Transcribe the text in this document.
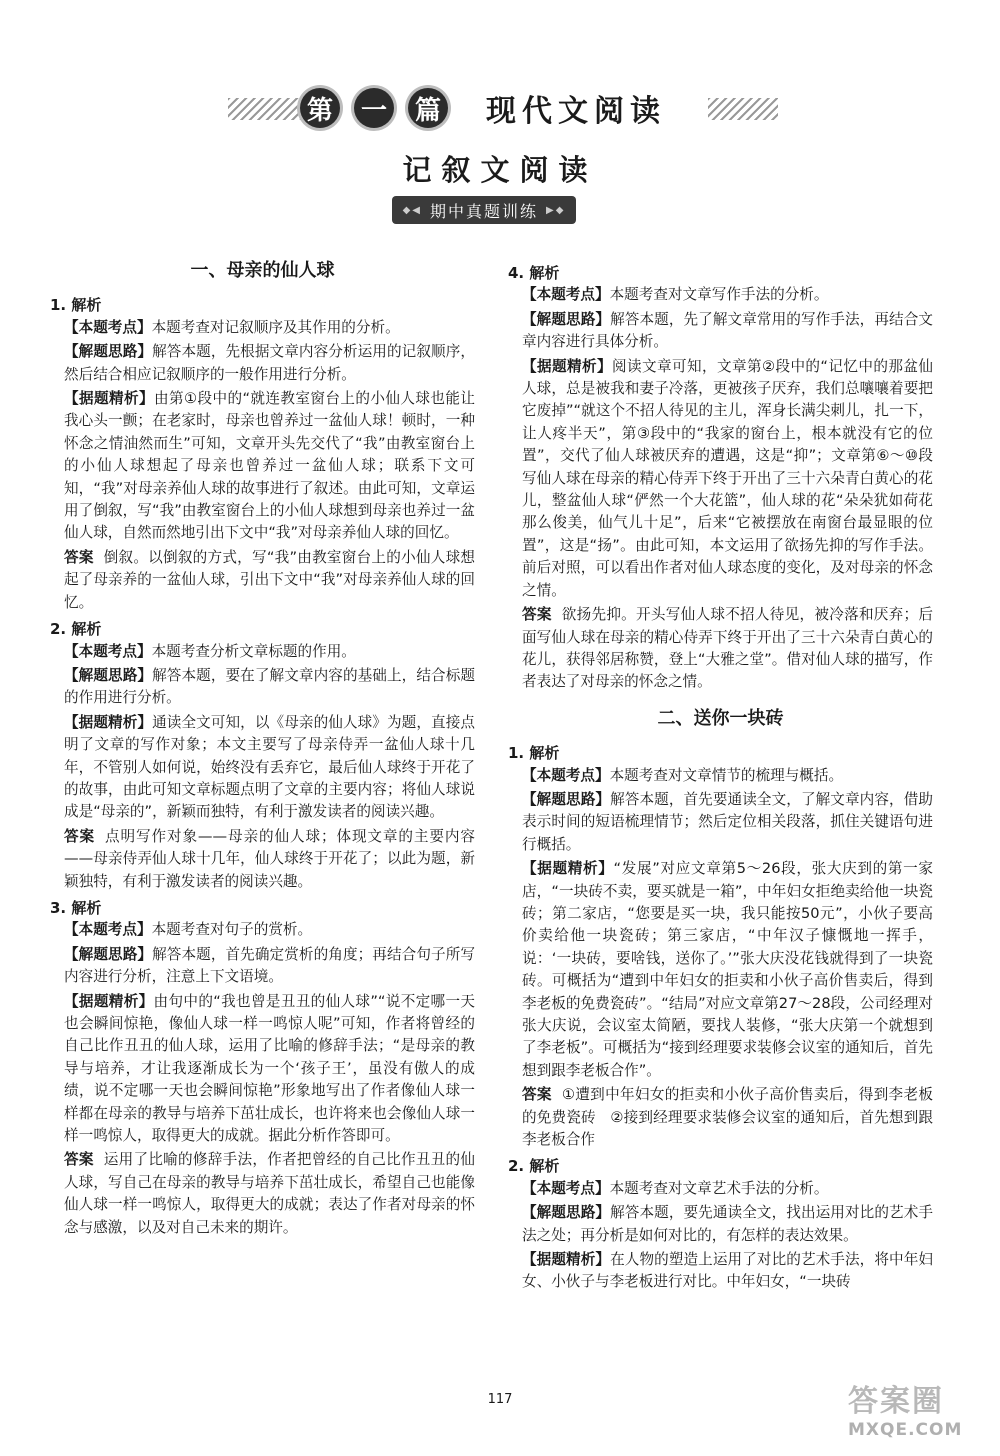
第 一 篇 现代文阅读
记叙文阅读
◆◀ 期中真题训练 ▶◆
一、母亲的仙人球
1. 解析
【本题考点】本题考查对记叙顺序及其作用的分析。
【解题思路】解答本题，先根据文章内容分析运用的记叙顺序，然后结合相应记叙顺序的一般作用进行分析。
【据题精析】由第①段中的“就连教室窗台上的小仙人球也能让我心头一颤；在老家时，母亲也曾养过一盆仙人球！顿时，一种怀念之情油然而生”可知，文章开头先交代了“我”由教室窗台上的小仙人球想起了母亲也曾养过一盆仙人球；联系下文可知，“我”对母亲养仙人球的故事进行了叙述。由此可知，文章运用了倒叙，写“我”由教室窗台上的小仙人球想到母亲也养过一盆仙人球，自然而然地引出下文中“我”对母亲养仙人球的回忆。
答案 倒叙。以倒叙的方式，写“我”由教室窗台上的小仙人球想起了母亲养的一盆仙人球，引出下文中“我”对母亲养仙人球的回忆。
2. 解析
【本题考点】本题考查分析文章标题的作用。
【解题思路】解答本题，要在了解文章内容的基础上，结合标题的作用进行分析。
【据题精析】通读全文可知，以《母亲的仙人球》为题，直接点明了文章的写作对象；本文主要写了母亲侍弄一盆仙人球十几年，不管别人如何说，始终没有丢弃它，最后仙人球终于开花了的故事，由此可知文章标题点明了文章的主要内容；将仙人球说成是“母亲的”，新颖而独特，有利于激发读者的阅读兴趣。
答案 点明写作对象——母亲的仙人球；体现文章的主要内容——母亲侍弄仙人球十几年，仙人球终于开花了；以此为题，新颖独特，有利于激发读者的阅读兴趣。
3. 解析
【本题考点】本题考查对句子的赏析。
【解题思路】解答本题，首先确定赏析的角度；再结合句子所写内容进行分析，注意上下文语境。
【据题精析】由句中的“我也曾是丑丑的仙人球”“说不定哪一天也会瞬间惊艳，像仙人球一样一鸣惊人呢”可知，作者将曾经的自己比作丑丑的仙人球，运用了比喻的修辞手法；“是母亲的教导与培养，才让我逐渐成长为一个‘孩子王’，虽没有傲人的成绩，说不定哪一天也会瞬间惊艳”形象地写出了作者像仙人球一样都在母亲的教导与培养下茁壮成长，也许将来也会像仙人球一样一鸣惊人，取得更大的成就。据此分析作答即可。
答案 运用了比喻的修辞手法，作者把曾经的自己比作丑丑的仙人球，写自己在母亲的教导与培养下茁壮成长，希望自己也能像仙人球一样一鸣惊人，取得更大的成就；表达了作者对母亲的怀念与感激，以及对自己未来的期许。
4. 解析
【本题考点】本题考查对文章写作手法的分析。
【解题思路】解答本题，先了解文章常用的写作手法，再结合文章内容进行具体分析。
【据题精析】阅读文章可知，文章第②段中的“记忆中的那盆仙人球，总是被我和妻子冷落，更被孩子厌弃，我们总嚷嚷着要把它废掉”“就这个不招人待见的主儿，浑身长满尖刺儿，扎一下，让人疼半天”，第③段中的“我家的窗台上，根本就没有它的位置”，交代了仙人球被厌弃的遭遇，这是“抑”；文章第⑥～⑩段写仙人球在母亲的精心侍弄下终于开出了三十六朵青白黄心的花儿，整盆仙人球“俨然一个大花篮”，仙人球的花“朵朵犹如荷花那么俊美，仙气儿十足”，后来“它被摆放在南窗台最显眼的位置”，这是“扬”。由此可知，本文运用了欲扬先抑的写作手法。前后对照，可以看出作者对仙人球态度的变化，及对母亲的怀念之情。
答案 欲扬先抑。开头写仙人球不招人待见，被冷落和厌弃；后面写仙人球在母亲的精心侍弄下终于开出了三十六朵青白黄心的花儿，获得邻居称赞，登上“大雅之堂”。借对仙人球的描写，作者表达了对母亲的怀念之情。
二、送你一块砖
1. 解析
【本题考点】本题考查对文章情节的梳理与概括。
【解题思路】解答本题，首先要通读全文，了解文章内容，借助表示时间的短语梳理情节；然后定位相关段落，抓住关键语句进行概括。
【据题精析】“发展”对应文章第5～26段，张大庆到的第一家店，“一块砖不卖，要买就是一箱”，中年妇女拒绝卖给他一块瓷砖；第二家店，“您要是买一块，我只能按50元”，小伙子要高价卖给他一块瓷砖；第三家店，“中年汉子慷慨地一挥手，说：‘一块砖，要啥钱，送你了。’”张大庆没花钱就得到了一块瓷砖。可概括为“遭到中年妇女的拒卖和小伙子高价售卖后，得到李老板的免费瓷砖”。“结局”对应文章第27～28段，公司经理对张大庆说，会议室太简陋，要找人装修，“张大庆第一个就想到了李老板”。可概括为“接到经理要求装修会议室的通知后，首先想到跟李老板合作”。
答案 ①遭到中年妇女的拒卖和小伙子高价售卖后，得到李老板的免费瓷砖　②接到经理要求装修会议室的通知后，首先想到跟李老板合作
2. 解析
【本题考点】本题考查对文章艺术手法的分析。
【解题思路】解答本题，要先通读全文，找出运用对比的艺术手法之处；再分析是如何对比的，有怎样的表达效果。
【据题精析】在人物的塑造上运用了对比的艺术手法，将中年妇女、小伙子与李老板进行对比。中年妇女，“一块砖
117	答案圈
MXQE.COM
